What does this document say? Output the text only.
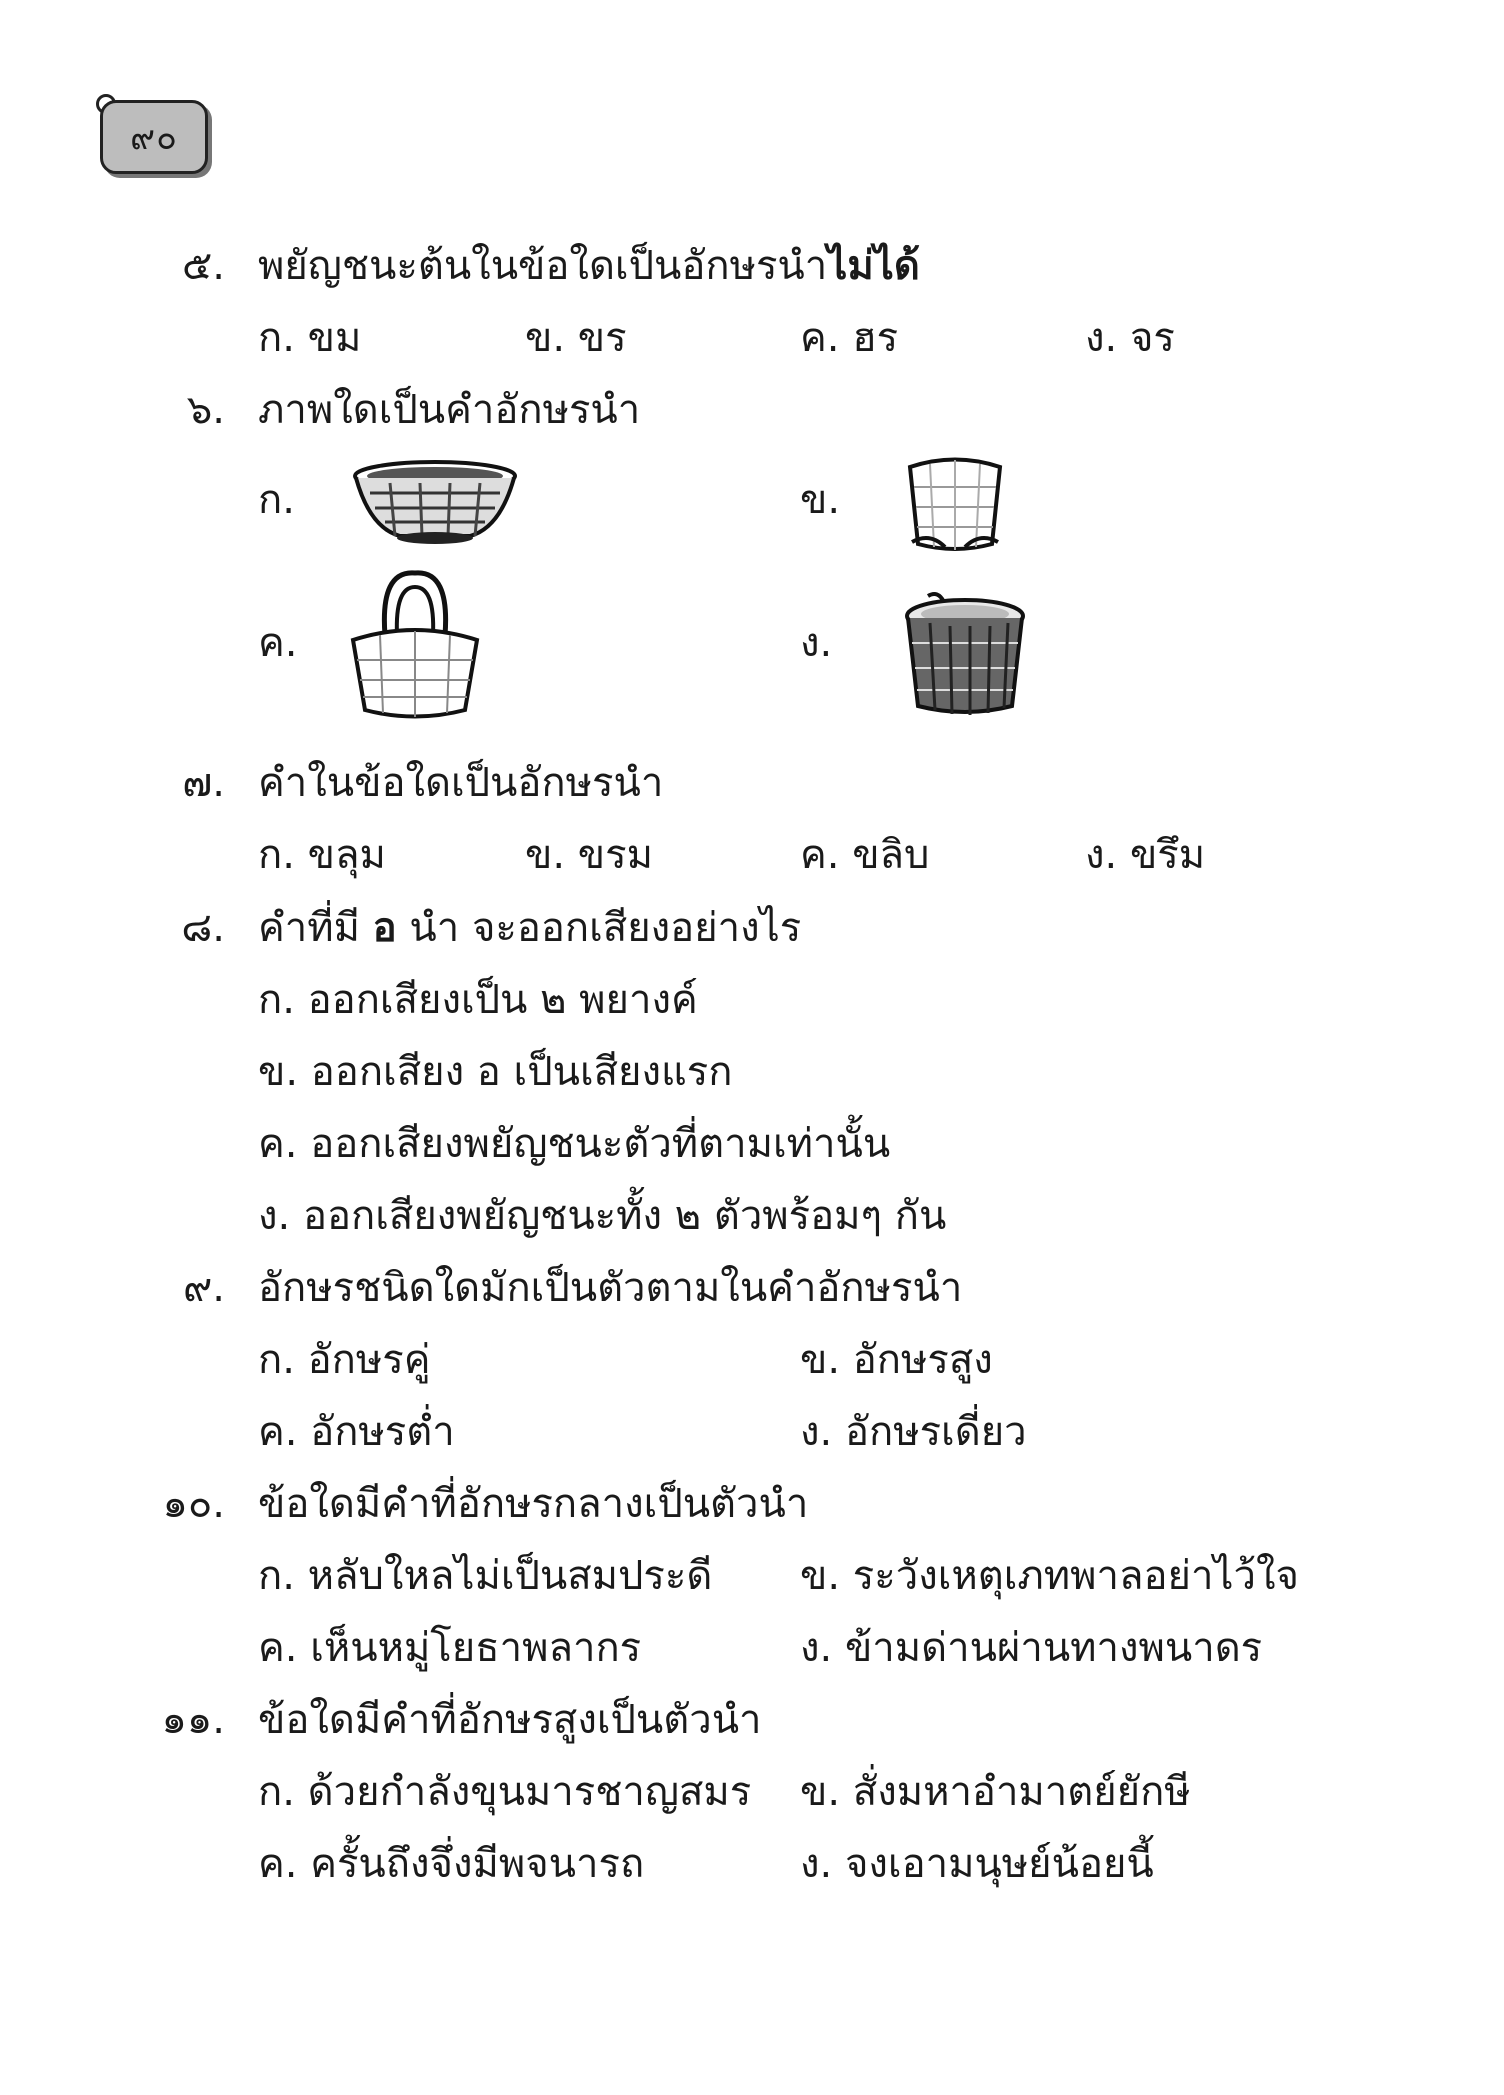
๙๐
๕. พยัญชนะต้นในข้อใดเป็นอักษรนำไม่ได้
ก. ขม	ข. ขร	ค. ฮร	ง. จร
๖. ภาพใดเป็นคำอักษรนำ
ก.	ข.
ค.	ง.
๗. คำในข้อใดเป็นอักษรนำ
ก. ขลุม	ข. ขรม	ค. ขลิบ	ง. ขรึม
๘. คำที่มี อ นำ จะออกเสียงอย่างไร
ก. ออกเสียงเป็น ๒ พยางค์
ข. ออกเสียง อ เป็นเสียงแรก
ค. ออกเสียงพยัญชนะตัวที่ตามเท่านั้น
ง. ออกเสียงพยัญชนะทั้ง ๒ ตัวพร้อมๆ กัน
๙. อักษรชนิดใดมักเป็นตัวตามในคำอักษรนำ
ก. อักษรคู่	ข. อักษรสูง
ค. อักษรต่ำ	ง. อักษรเดี่ยว
๑๐. ข้อใดมีคำที่อักษรกลางเป็นตัวนำ
ก. หลับใหลไม่เป็นสมประดี ข. ระวังเหตุเภทพาลอย่าไว้ใจ
ค. เห็นหมู่โยธาพลากร	ง. ข้ามด่านผ่านทางพนาดร
๑๑. ข้อใดมีคำที่อักษรสูงเป็นตัวนำ
ก. ด้วยกำลังขุนมารชาญสมร ข. สั่งมหาอำมาตย์ยักษี
ค. ครั้นถึงจึ่งมีพจนารถ	ง. จงเอามนุษย์น้อยนี้
